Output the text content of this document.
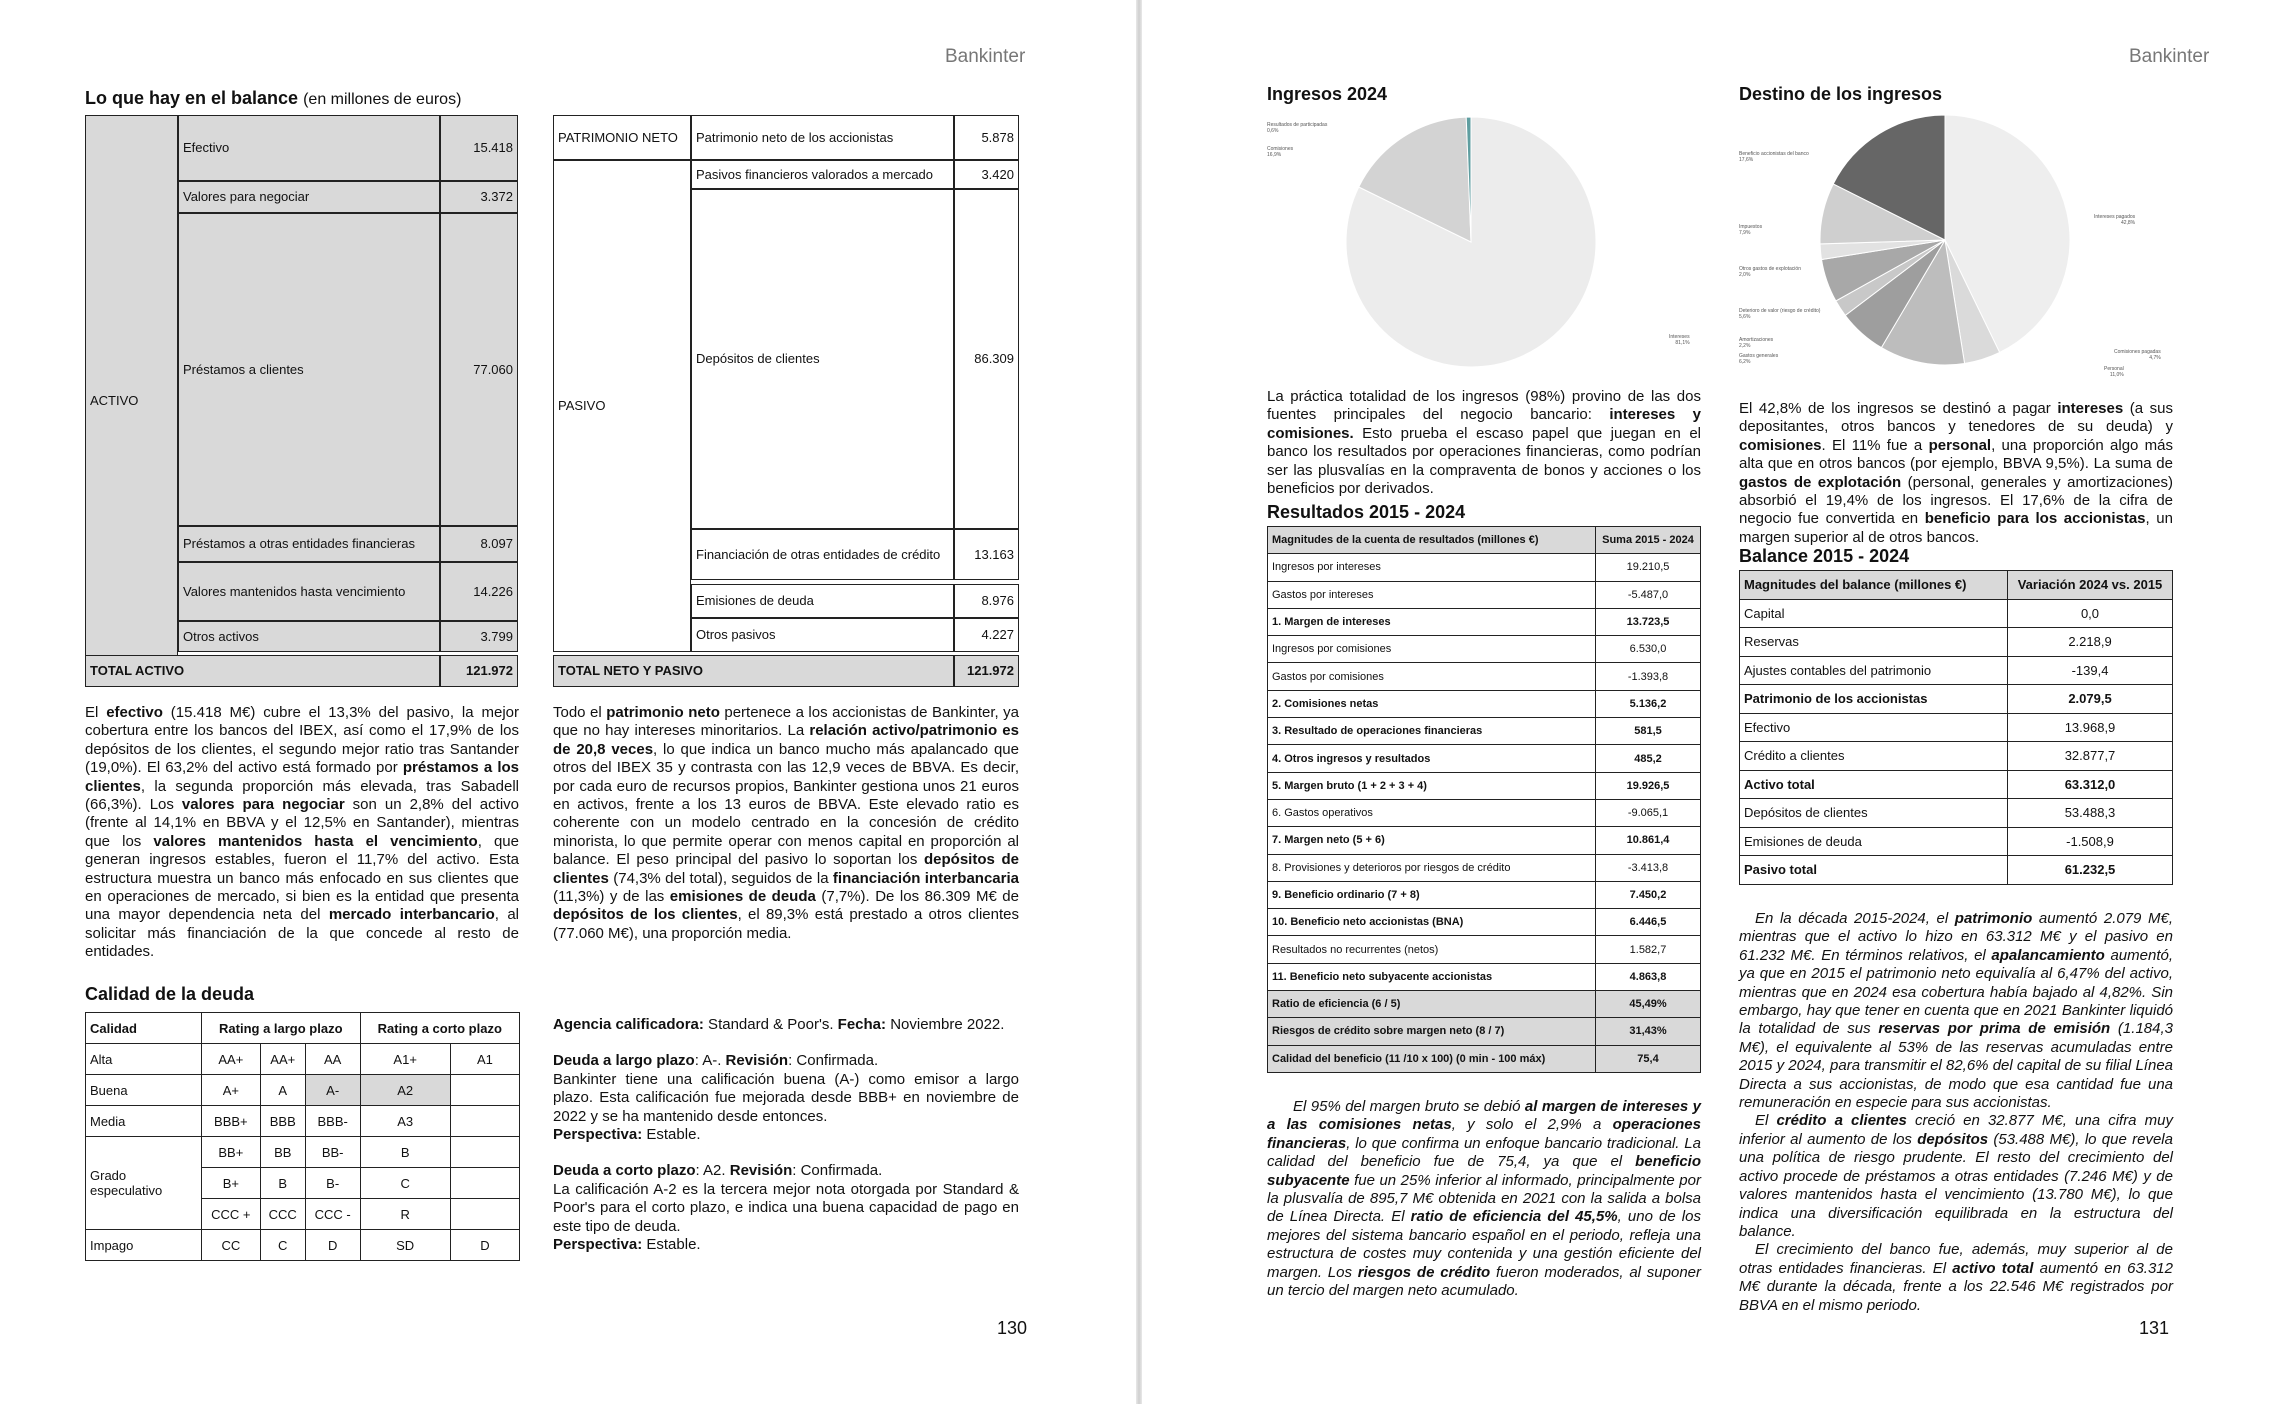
Bankinter
Lo que hay en el balance (en millones de euros)
ACTIVO
Efectivo	15.418
Valores para negociar	3.372
Préstamos a clientes	77.060
Préstamos a otras entidades financieras	8.097
Valores mantenidos hasta vencimiento	14.226
Otros activos	3.799
TOTAL ACTIVO	121.972
PATRIMONIO NETO	Patrimonio neto de los accionistas	5.878
PASIVO
Pasivos financieros valorados a mercado	3.420
Depósitos de clientes	86.309
Financiación de otras entidades de crédito	13.163
Emisiones de deuda	8.976
Otros pasivos	4.227
TOTAL NETO Y PASIVO	121.972
El efectivo (15.418 M€) cubre el 13,3% del pasivo, la mejor cobertura entre los bancos del IBEX, así como el 17,9% de los depósitos de los clientes, el segundo mejor ratio tras Santander (19,0%). El 63,2% del activo está formado por préstamos a los clientes, la segunda proporción más elevada, tras Sabadell (66,3%). Los valores para negociar son un 2,8% del activo (frente al 14,1% en BBVA y el 12,5% en Santander), mientras que los valores mantenidos hasta el vencimiento, que generan ingresos estables, fueron el 11,7% del activo. Esta estructura muestra un banco más enfocado en sus clientes que en operaciones de mercado, si bien es la entidad que presenta una mayor dependencia neta del mercado interbancario, al solicitar más financiación de la que concede al resto de entidades.
Todo el patrimonio neto pertenece a los accionistas de Bankinter, ya que no hay intereses minoritarios. La relación activo/patrimonio es de 20,8 veces, lo que indica un banco mucho más apalancado que otros del IBEX 35 y contrasta con las 12,9 veces de BBVA. Es decir, por cada euro de recursos propios, Bankinter gestiona unos 21 euros en activos, frente a los 13 euros de BBVA. Este elevado ratio es coherente con un modelo centrado en la concesión de crédito minorista, lo que permite operar con menos capital en proporción al balance. El peso principal del pasivo lo soportan los depósitos de clientes (74,3% del total), seguidos de la financiación interbancaria (11,3%) y de las emisiones de deuda (7,7%). De los 86.309 M€ de depósitos de los clientes, el 89,3% está prestado a otros clientes (77.060 M€), una proporción media.
Calidad de la deuda
Calidad	Rating a largo plazo			Rating a corto plazo	
Alta	AA+	AA+	AA	A1+	A1
Buena	A+	A	A-	A2	
Media	BBB+	BBB	BBB-	A3	
Grado especulativo	BB+	BB	BB-	B	
	B+	B	B-	C	
	CCC +	CCC	CCC -	R	
Impago	CC	C	D	SD	D

Agencia calificadora: Standard & Poor's. Fecha: Noviembre 2022.

Deuda a largo plazo: A-. Revisión: Confirmada.
Bankinter tiene una calificación buena (A-) como emisor a largo plazo. Esta calificación fue mejorada desde BBB+ en noviembre de 2022 y se ha mantenido desde entonces.
Perspectiva: Estable.

Deuda a corto plazo: A2. Revisión: Confirmada.
La calificación A-2 es la tercera mejor nota otorgada por Standard & Poor's para el corto plazo, e indica una buena capacidad de pago en este tipo de deuda.
Perspectiva: Estable.

130
Bankinter
Ingresos 2024	Destino de los ingresos
Resultados de participadas
0,6%
Comisiones
16,9%
Intereses
81,1%
Beneficio accionistas del banco
17,6%
Impuestos
7,9%
Otros gastos de explotación
2,0%
Deterioro de valor (riesgo de crédito)
5,6%
Amortizaciones
2,2%
Gastos generales
6,2%
Intereses pagados
42,8%
Comisiones pagadas
4,7%
Personal
11,0%
La práctica totalidad de los ingresos (98%) provino de las dos fuentes principales del negocio bancario: intereses y comisiones. Esto prueba el escaso papel que juegan en el banco los resultados por operaciones financieras, como podrían ser las plusvalías en la compraventa de bonos y acciones o los beneficios por derivados.
El 42,8% de los ingresos se destinó a pagar intereses (a sus depositantes, otros bancos y tenedores de su deuda) y comisiones. El 11% fue a personal, una proporción algo más alta que en otros bancos (por ejemplo, BBVA 9,5%). La suma de gastos de explotación (personal, generales y amortizaciones) absorbió el 19,4% de los ingresos. El 17,6% de la cifra de negocio fue convertida en beneficio para los accionistas, un margen superior al de otros bancos.
Resultados 2015 - 2024
Magnitudes de la cuenta de resultados (millones €)	Suma 2015 - 2024
Ingresos por intereses	19.210,5
Gastos por intereses	-5.487,0
1. Margen de intereses	13.723,5
Ingresos por comisiones	6.530,0
Gastos por comisiones	-1.393,8
2. Comisiones netas	5.136,2
3. Resultado de operaciones financieras	581,5
4. Otros ingresos y resultados	485,2
5. Margen bruto (1 + 2 + 3 + 4)	19.926,5
6. Gastos operativos	-9.065,1
7. Margen neto (5 + 6)	10.861,4
8. Provisiones y deterioros por riesgos de crédito	-3.413,8
9. Beneficio ordinario (7 + 8)	7.450,2
10. Beneficio neto accionistas (BNA)	6.446,5
Resultados no recurrentes (netos)	1.582,7
11. Beneficio neto subyacente accionistas	4.863,8
Ratio de eficiencia (6 / 5)	45,49%
Riesgos de crédito sobre margen neto (8 / 7)	31,43%
Calidad del beneficio (11 /10 x 100) (0 min - 100 máx)	75,4
Balance 2015 - 2024
Magnitudes del balance (millones €)	Variación 2024 vs. 2015
Capital	0,0
Reservas	2.218,9
Ajustes contables del patrimonio	-139,4
Patrimonio de los accionistas	2.079,5
Efectivo	13.968,9
Crédito a clientes	32.877,7
Activo total	63.312,0
Depósitos de clientes	53.488,3
Emisiones de deuda	-1.508,9
Pasivo total	61.232,5
El 95% del margen bruto se debió al margen de intereses y a las comisiones netas, y solo el 2,9% a operaciones financieras, lo que confirma un enfoque bancario tradicional. La calidad del beneficio fue de 75,4, ya que el beneficio subyacente fue un 25% inferior al informado, principalmente por la plusvalía de 895,7 M€ obtenida en 2021 con la salida a bolsa de Línea Directa. El ratio de eficiencia del 45,5%, uno de los mejores del sistema bancario español en el periodo, refleja una estructura de costes muy contenida y una gestión eficiente del margen. Los riesgos de crédito fueron moderados, al suponer un tercio del margen neto acumulado.
En la década 2015-2024, el patrimonio aumentó 2.079 M€, mientras que el activo lo hizo en 63.312 M€ y el pasivo en 61.232 M€. En términos relativos, el apalancamiento aumentó, ya que en 2015 el patrimonio neto equivalía al 6,47% del activo, mientras que en 2024 esa cobertura había bajado al 4,82%. Sin embargo, hay que tener en cuenta que en 2021 Bankinter liquidó la totalidad de sus reservas por prima de emisión (1.184,3 M€), el equivalente al 53% de las reservas acumuladas entre 2015 y 2024, para transmitir el 82,6% del capital de su filial Línea Directa a sus accionistas, de modo que esa cantidad fue una remuneración en especie para sus accionistas.
El crédito a clientes creció en 32.877 M€, una cifra muy inferior al aumento de los depósitos (53.488 M€), lo que revela una política de riesgo prudente. El resto del crecimiento del activo procede de préstamos a otras entidades (7.246 M€) y de valores mantenidos hasta el vencimiento (13.780 M€), lo que indica una diversificación equilibrada en la estructura del balance.
El crecimiento del banco fue, además, muy superior al de otras entidades financieras. El activo total aumentó en 63.312 M€ durante la década, frente a los 22.546 M€ registrados por BBVA en el mismo periodo.
131
